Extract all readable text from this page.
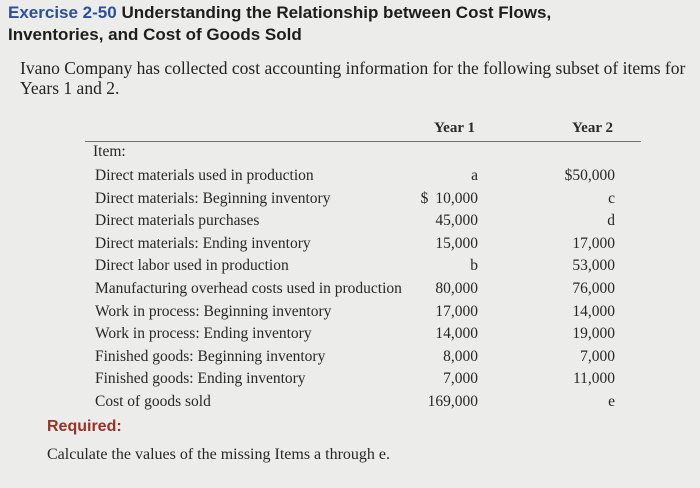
Exercise 2-50 Understanding the Relationship between Cost Flows, Inventories, and Cost of Goods Sold
Ivano Company has collected cost accounting information for the following subset of items for Years 1 and 2.
Year 1	Year 2
Item:
Direct materials used in production	a	$50,000
Direct materials: Beginning inventory	$ 10,000	c
Direct materials purchases	45,000	d
Direct materials: Ending inventory	15,000	17,000
Direct labor used in production	b	53,000
Manufacturing overhead costs used in production 80,000	76,000
Work in process: Beginning inventory	17,000	14,000
Work in process: Ending inventory	14,000	19,000
Finished goods: Beginning inventory	8,000	7,000
Finished goods: Ending inventory	7,000	11,000
Cost of goods sold	169,000	e
Required:
Calculate the values of the missing Items a through e.
